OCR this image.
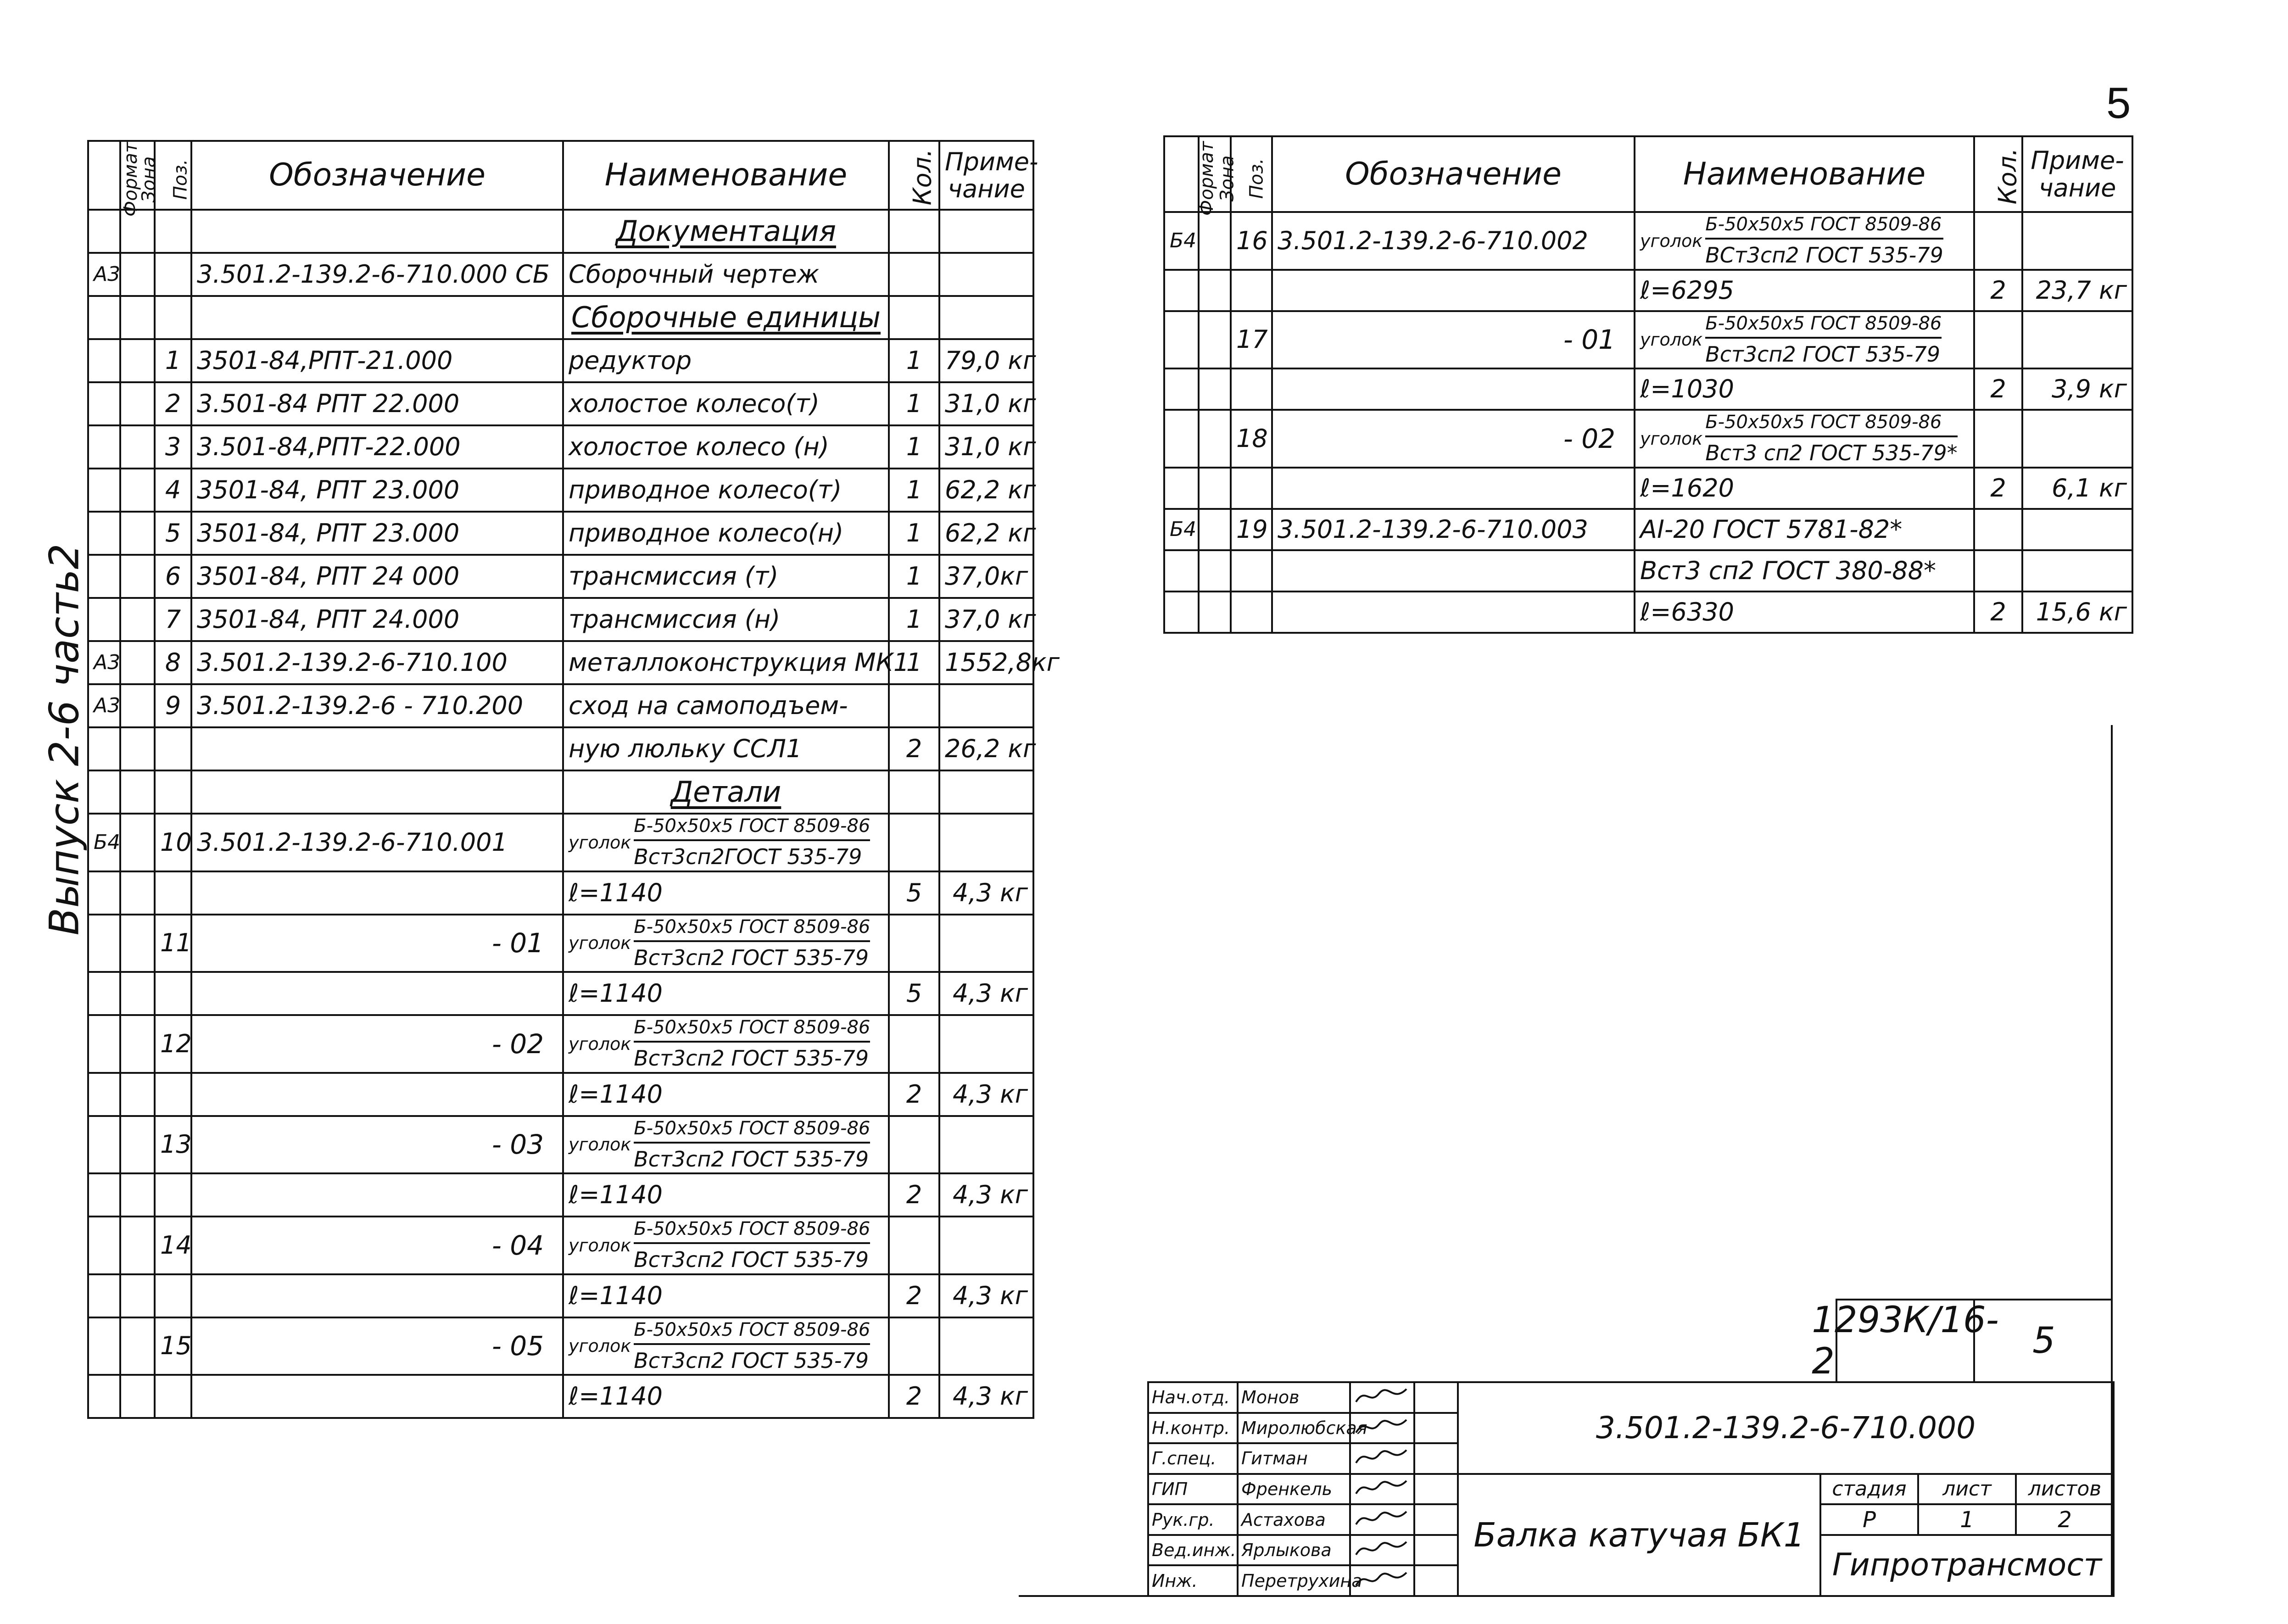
5
Выпуск 2-6 часть2
Формат	Зона	Поз.	Обозначение	Наименование	Кол.	Приме-
чание
				Документация		
А3			3.501.2-139.2-6-710.000 СБ	Сборочный чертеж		
				Сборочные единицы		
		1	3501-84,РПТ-21.000	редуктор	1	79,0 кг
		2	3.501-84 РПТ 22.000	холостое колесо(т)	1	31,0 кг
		3	3.501-84,РПТ-22.000	холостое колесо (н)	1	31,0 кг
		4	3501-84, РПТ 23.000	приводное колесо(т)	1	62,2 кг
		5	3501-84, РПТ 23.000	приводное колесо(н)	1	62,2 кг
		6	3501-84, РПТ 24 000	трансмиссия (т)	1	37,0кг
		7	3501-84, РПТ 24.000	трансмиссия (н)	1	37,0 кг
А3		8	3.501.2-139.2-6-710.100	металлоконструкция МК1	1	1552,8кг
А3		9	3.501.2-139.2-6 - 710.200	сход на самоподъем-		
				ную люльку ССЛ1	2	26,2 кг
				Детали		
Б4		10	3.501.2-139.2-6-710.001	уголок $\frac{\text{Б-50х50х5 ГОСТ 8509-86}}{\text{Вст3сп2ГОСТ 535-79}}$

				ℓ=1140	5	4,3 кг
		11	- 01	уголок $\frac{\text{Б-50х50х5 ГОСТ 8509-86}}{\text{Вст3сп2 ГОСТ 535-79}}$

				ℓ=1140	5	4,3 кг
		12	- 02	уголок $\frac{\text{Б-50х50х5 ГОСТ 8509-86}}{\text{Вст3сп2 ГОСТ 535-79}}$

				ℓ=1140	2	4,3 кг
		13	- 03	уголок $\frac{\text{Б-50х50х5 ГОСТ 8509-86}}{\text{Вст3сп2 ГОСТ 535-79}}$

				ℓ=1140	2	4,3 кг
		14	- 04	уголок $\frac{\text{Б-50х50х5 ГОСТ 8509-86}}{\text{Вст3сп2 ГОСТ 535-79}}$

				ℓ=1140	2	4,3 кг
		15	- 05	уголок $\frac{\text{Б-50х50х5 ГОСТ 8509-86}}{\text{Вст3сп2 ГОСТ 535-79}}$

				ℓ=1140	2	4,3 кг
Формат	Зона	Поз.	Обозначение	Наименование	Кол.	Приме-
чание
Б4		16	3.501.2-139.2-6-710.002	уголок $\frac{\text{Б-50х50х5 ГОСТ 8509-86}}{\text{ВСт3сп2 ГОСТ 535-79}}$

				ℓ=6295	2	23,7 кг
		17	- 01	уголок $\frac{\text{Б-50х50х5 ГОСТ 8509-86}}{\text{Вст3сп2 ГОСТ 535-79}}$

				ℓ=1030	2	3,9 кг
		18	- 02	уголок $\frac{\text{Б-50х50х5 ГОСТ 8509-86}}{\text{Вст3 сп2 ГОСТ 535-79*}}$

				ℓ=1620	2	6,1 кг
Б4		19	3.501.2-139.2-6-710.003	AI-20 ГОСТ 5781-82*		
				Вст3 сп2 ГОСТ 380-88*		
				ℓ=6330	2	15,6 кг
1293К/16-2	5
Нач.отд.	Монов			3.501.2-139.2-6-710.000			
Н.контр.	Миролюбская		
Г.спец.	Гитман		
ГИП	Френкель			Балка катучая БК1	стадия	лист	листов
Рук.гр.	Астахова				Р	1	2
Вед.инж.	Ярлыкова				Гипротрансмост		
Инж.	Перетрухина		
